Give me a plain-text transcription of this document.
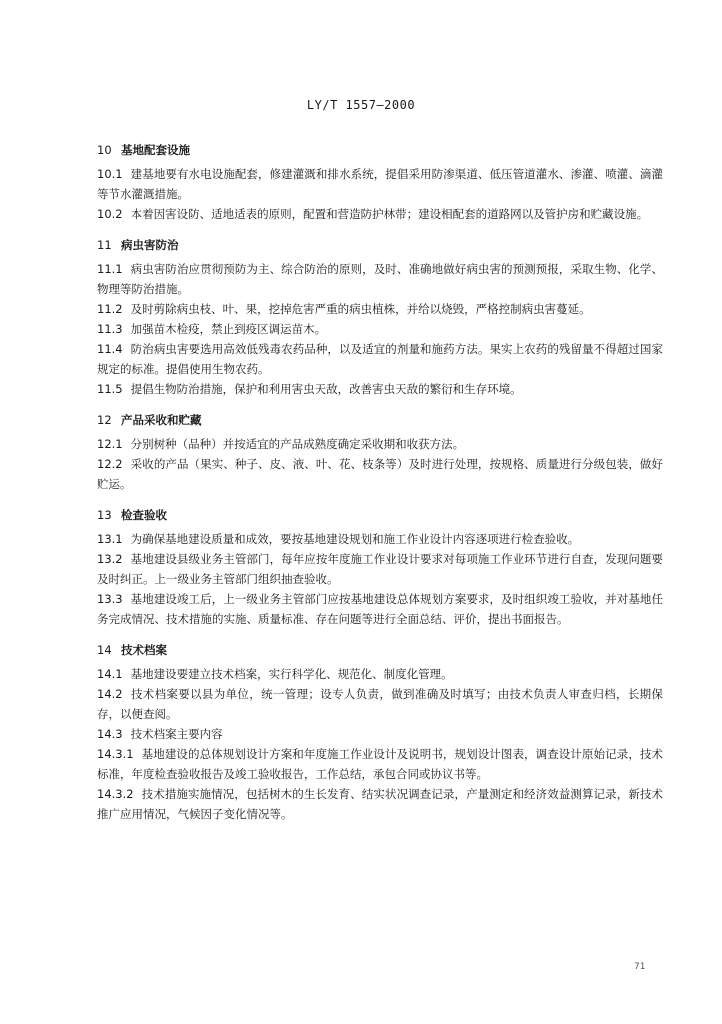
LY/T 1557—2000
10 基地配套设施

10.1 建基地要有水电设施配套，修建灌溉和排水系统，提倡采用防渗渠道、低压管道灌水、渗灌、喷灌、滴灌等节水灌溉措施。

10.2 本着因害设防、适地适表的原则，配置和营造防护林带；建设相配套的道路网以及管护房和贮藏设施。

11 病虫害防治

11.1 病虫害防治应贯彻预防为主、综合防治的原则，及时、准确地做好病虫害的预测预报，采取生物、化学、物理等防治措施。

11.2 及时剪除病虫枝、叶、果，挖掉危害严重的病虫植株，并给以烧毁，严格控制病虫害蔓延。

11.3 加强苗木检疫，禁止到疫区调运苗木。

11.4 防治病虫害要选用高效低残毒农药品种，以及适宜的剂量和施药方法。果实上农药的残留量不得超过国家规定的标准。提倡使用生物农药。

11.5 提倡生物防治措施，保护和利用害虫天敌，改善害虫天敌的繁衍和生存环境。

12 产品采收和贮藏

12.1 分别树种（品种）并按适宜的产品成熟度确定采收期和收获方法。

12.2 采收的产品（果实、种子、皮、液、叶、花、枝条等）及时进行处理，按规格、质量进行分级包装，做好贮运。

13 检查验收

13.1 为确保基地建设质量和成效，要按基地建设规划和施工作业设计内容逐项进行检查验收。

13.2 基地建设县级业务主管部门，每年应按年度施工作业设计要求对每项施工作业环节进行自查，发现问题要及时纠正。上一级业务主管部门组织抽查验收。

13.3 基地建设竣工后，上一级业务主管部门应按基地建设总体规划方案要求，及时组织竣工验收，并对基地任务完成情况、技术措施的实施、质量标准、存在问题等进行全面总结、评价，提出书面报告。

14 技术档案

14.1 基地建设要建立技术档案，实行科学化、规范化、制度化管理。

14.2 技术档案要以县为单位，统一管理；设专人负责，做到准确及时填写；由技术负责人审查归档，长期保存，以便查阅。

14.3 技术档案主要内容

14.3.1 基地建设的总体规划设计方案和年度施工作业设计及说明书，规划设计图表，调查设计原始记录，技术标准，年度检查验收报告及竣工验收报告，工作总结，承包合同或协议书等。

14.3.2 技术措施实施情况，包括树木的生长发育、结实状况调查记录，产量测定和经济效益测算记录，新技术推广应用情况，气候因子变化情况等。

71
